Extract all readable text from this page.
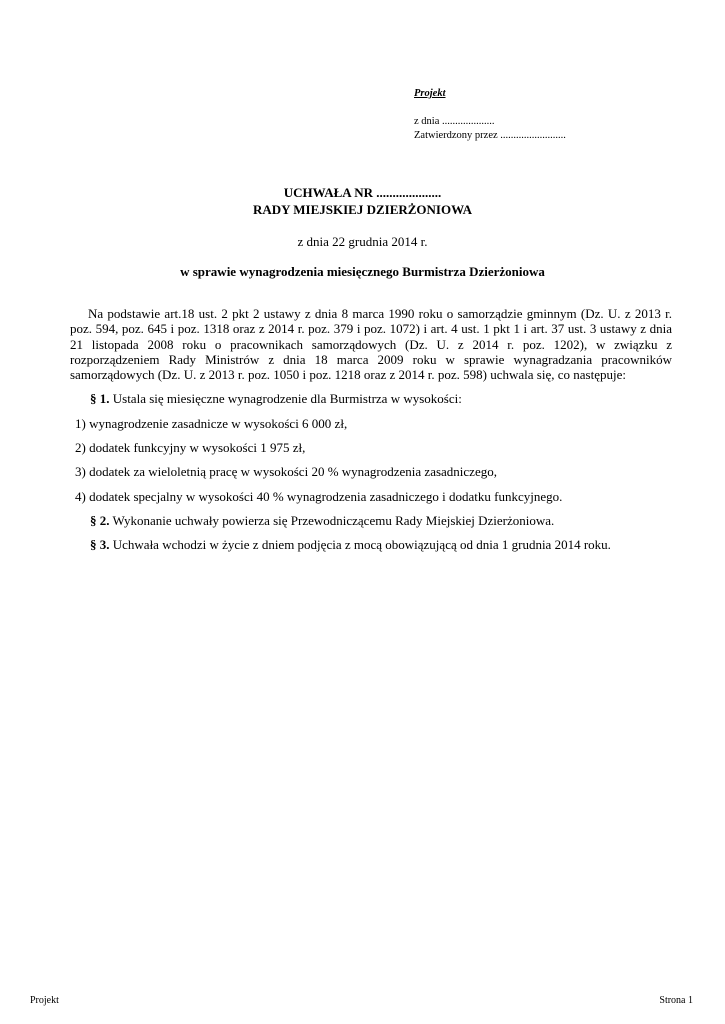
Projekt
z dnia ....................
Zatwierdzony przez .........................
UCHWAŁA NR ....................
RADY MIEJSKIEJ DZIERŻONIOWA
z dnia 22 grudnia 2014 r.
w sprawie wynagrodzenia miesięcznego Burmistrza Dzierżoniowa

Na podstawie art.18 ust. 2 pkt 2 ustawy z dnia 8 marca 1990 roku o samorządzie gminnym (Dz. U. z 2013 r. poz. 594, poz. 645 i poz. 1318 oraz z 2014 r. poz. 379 i poz. 1072) i art. 4 ust. 1 pkt 1 i art. 37 ust. 3 ustawy z dnia 21 listopada 2008 roku o pracownikach samorządowych (Dz. U. z 2014 r. poz. 1202), w związku z rozporządzeniem Rady Ministrów z dnia 18 marca 2009 roku w sprawie wynagradzania pracowników samorządowych (Dz. U. z 2013 r. poz. 1050 i poz. 1218 oraz z 2014 r. poz. 598) uchwala się, co następuje:

§ 1. Ustala się miesięczne wynagrodzenie dla Burmistrza w wysokości:

1) wynagrodzenie zasadnicze w wysokości 6 000 zł,

2) dodatek funkcyjny w wysokości 1 975 zł,

3) dodatek za wieloletnią pracę w wysokości 20 % wynagrodzenia zasadniczego,

4) dodatek specjalny w wysokości 40 % wynagrodzenia zasadniczego i dodatku funkcyjnego.

§ 2. Wykonanie uchwały powierza się Przewodniczącemu Rady Miejskiej Dzierżoniowa.

§ 3. Uchwała wchodzi w życie z dniem podjęcia z mocą obowiązującą od dnia 1 grudnia 2014 roku.

Projekt	Strona 1
